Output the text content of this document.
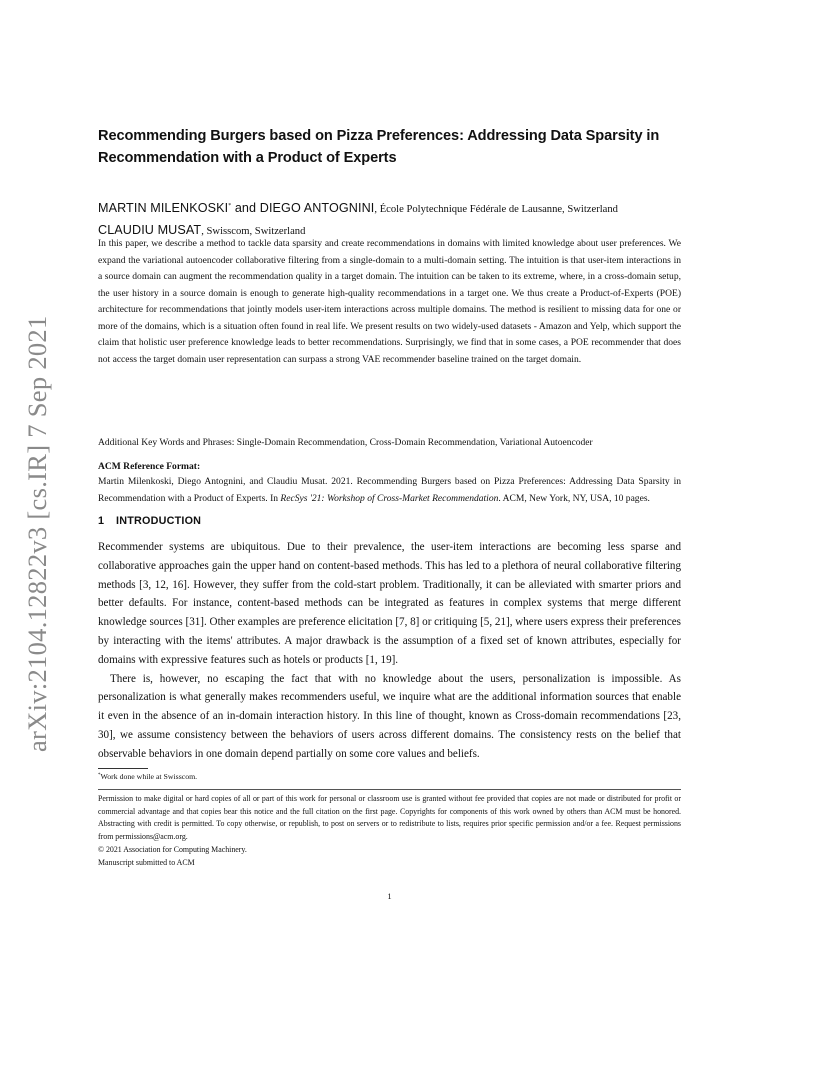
arXiv:2104.12822v3 [cs.IR] 7 Sep 2021
Recommending Burgers based on Pizza Preferences: Addressing Data Sparsity in Recommendation with a Product of Experts
MARTIN MILENKOSKI* and DIEGO ANTOGNINI, École Polytechnique Fédérale de Lausanne, Switzerland
CLAUDIU MUSAT, Swisscom, Switzerland
In this paper, we describe a method to tackle data sparsity and create recommendations in domains with limited knowledge about user preferences. We expand the variational autoencoder collaborative filtering from a single-domain to a multi-domain setting. The intuition is that user-item interactions in a source domain can augment the recommendation quality in a target domain. The intuition can be taken to its extreme, where, in a cross-domain setup, the user history in a source domain is enough to generate high-quality recommendations in a target one. We thus create a Product-of-Experts (POE) architecture for recommendations that jointly models user-item interactions across multiple domains. The method is resilient to missing data for one or more of the domains, which is a situation often found in real life. We present results on two widely-used datasets - Amazon and Yelp, which support the claim that holistic user preference knowledge leads to better recommendations. Surprisingly, we find that in some cases, a POE recommender that does not access the target domain user representation can surpass a strong VAE recommender baseline trained on the target domain.
Additional Key Words and Phrases: Single-Domain Recommendation, Cross-Domain Recommendation, Variational Autoencoder
ACM Reference Format:
Martin Milenkoski, Diego Antognini, and Claudiu Musat. 2021. Recommending Burgers based on Pizza Preferences: Addressing Data Sparsity in Recommendation with a Product of Experts. In RecSys '21: Workshop of Cross-Market Recommendation. ACM, New York, NY, USA, 10 pages.
1 INTRODUCTION

Recommender systems are ubiquitous. Due to their prevalence, the user-item interactions are becoming less sparse and collaborative approaches gain the upper hand on content-based methods. This has led to a plethora of neural collaborative filtering methods [3, 12, 16]. However, they suffer from the cold-start problem. Traditionally, it can be alleviated with smarter priors and better defaults. For instance, content-based methods can be integrated as features in complex systems that merge different knowledge sources [31]. Other examples are preference elicitation [7, 8] or critiquing [5, 21], where users express their preferences by interacting with the items' attributes. A major drawback is the assumption of a fixed set of known attributes, especially for domains with expressive features such as hotels or products [1, 19].

There is, however, no escaping the fact that with no knowledge about the users, personalization is impossible. As personalization is what generally makes recommenders useful, we inquire what are the additional information sources that enable it even in the absence of an in-domain interaction history. In this line of thought, known as Cross-domain recommendations [23, 30], we assume consistency between the behaviors of users across different domains. The consistency rests on the belief that observable behaviors in one domain depend partially on some core values and beliefs.

*Work done while at Swisscom.
Permission to make digital or hard copies of all or part of this work for personal or classroom use is granted without fee provided that copies are not made or distributed for profit or commercial advantage and that copies bear this notice and the full citation on the first page. Copyrights for components of this work owned by others than ACM must be honored. Abstracting with credit is permitted. To copy otherwise, or republish, to post on servers or to redistribute to lists, requires prior specific permission and/or a fee. Request permissions from permissions@acm.org.
© 2021 Association for Computing Machinery.
Manuscript submitted to ACM
1
